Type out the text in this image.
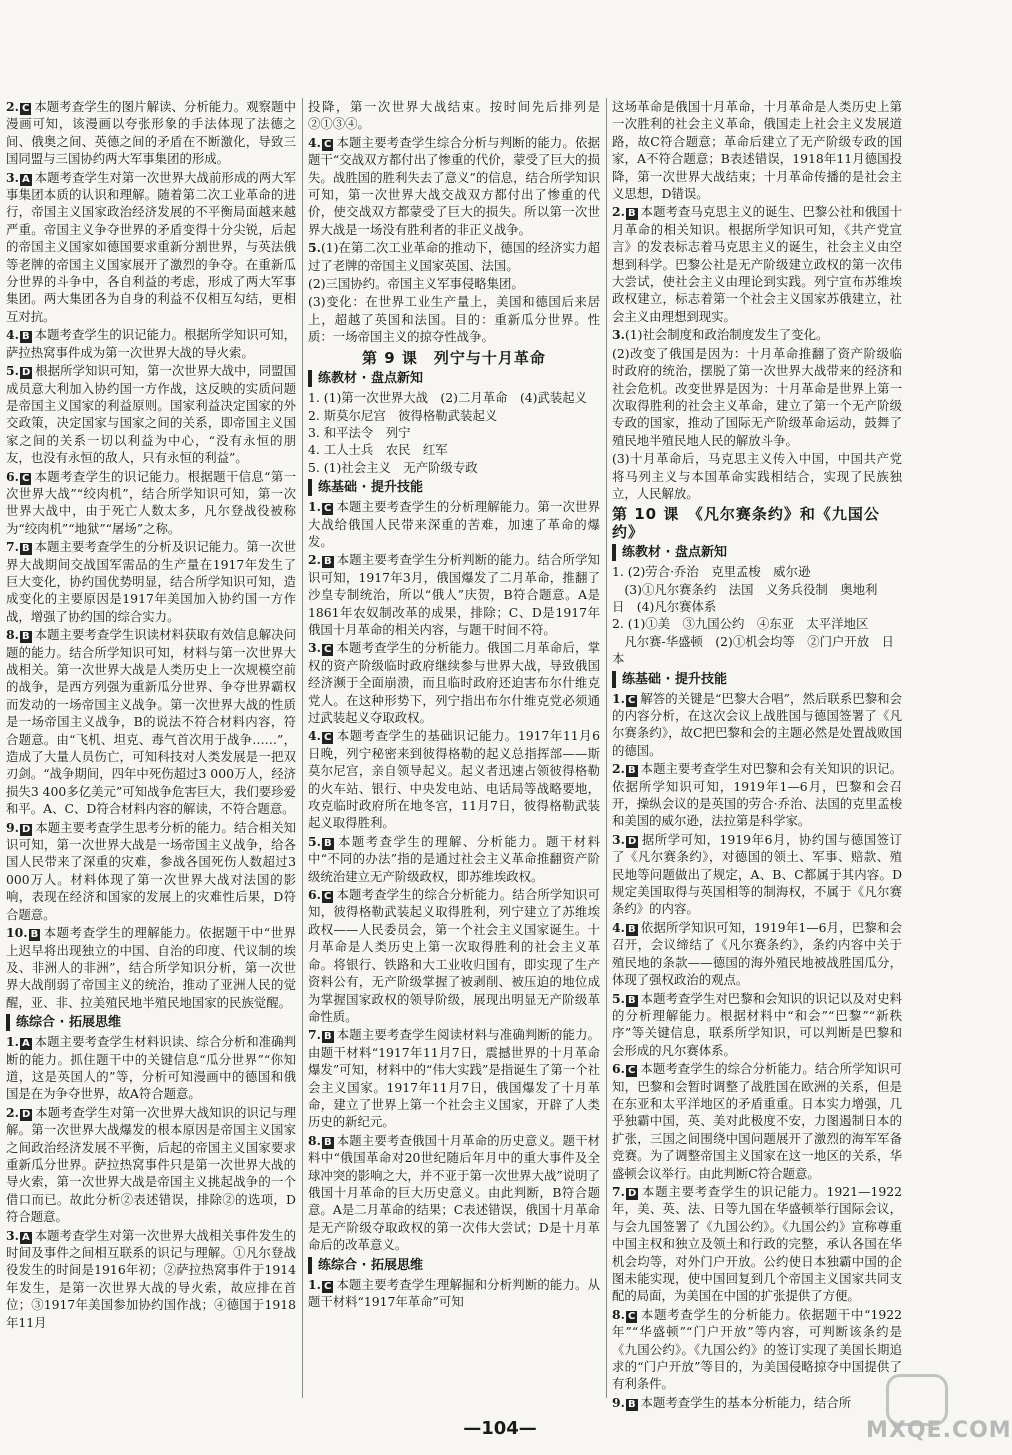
2. C 本题考查学生的图片解读、分析能力。观察题中漫画可知，该漫画以夸张形象的手法体现了法德之间、俄奥之间、英德之间的矛盾在不断激化，导致三国同盟与三国协约两大军事集团的形成。

3. A 本题考查学生对第一次世界大战前形成的两大军事集团本质的认识和理解。随着第二次工业革命的进行，帝国主义国家政治经济发展的不平衡局面越来越严重。帝国主义争夺世界的矛盾变得十分尖锐，后起的帝国主义国家如德国要求重新分割世界，与英法俄等老牌的帝国主义国家展开了激烈的争夺。在重新瓜分世界的斗争中，各自利益的考虑，形成了两大军事集团。两大集团各为自身的利益不仅相互勾结，更相互对抗。

4. B 本题考查学生的识记能力。根据所学知识可知，萨拉热窝事件成为第一次世界大战的导火索。

5. D 根据所学知识可知，第一次世界大战中，同盟国成员意大利加入协约国一方作战，这反映的实质问题是帝国主义国家的利益原则。国家利益决定国家的外交政策，决定国家与国家之间的关系，即帝国主义国家之间的关系一切以利益为中心，“没有永恒的朋友，也没有永恒的敌人，只有永恒的利益”。

6. C 本题考查学生的识记能力。根据题干信息“第一次世界大战”“绞肉机”，结合所学知识可知，第一次世界大战中，由于死亡人数太多，凡尔登战役被称为“绞肉机”“地狱”“屠场”之称。

7. B 本题主要考查学生的分析及识记能力。第一次世界大战期间交战国军需品的生产量在1917年发生了巨大变化，协约国优势明显，结合所学知识可知，造成变化的主要原因是1917年美国加入协约国一方作战，增强了协约国的综合实力。

8. B 本题主要考查学生识读材料获取有效信息解决问题的能力。结合所学知识可知，材料与第一次世界大战相关。第一次世界大战是人类历史上一次规模空前的战争，是西方列强为重新瓜分世界、争夺世界霸权而发动的一场帝国主义战争。第一次世界大战的性质是一场帝国主义战争，B的说法不符合材料内容，符合题意。由“飞机、坦克、毒气首次用于战争……”，造成了大量人员伤亡，可知科技对人类发展是一把双刃剑。“战争期间，四年中死伤超过3 000万人，经济损失3 400多亿美元”可知战争危害巨大，我们要珍爱和平。A、C、D符合材料内容的解读，不符合题意。

9. D 本题主要考查学生思考分析的能力。结合相关知识可知，第一次世界大战是一场帝国主义战争，给各国人民带来了深重的灾难，参战各国死伤人数超过3 000万人。材料体现了第一次世界大战对法国的影响，表现在经济和国家的发展上的灾难性后果，D符合题意。

10. B 本题考查学生的理解能力。依据题干中“世界上迟早将出现独立的中国、自治的印度、代议制的埃及、非洲人的非洲”，结合所学知识分析，第一次世界大战削弱了帝国主义的统治，推动了亚洲人民的觉醒，亚、非、拉美殖民地半殖民地国家的民族觉醒。

练综合 · 拓展思维

1. A 本题主要考查学生材料识读、综合分析和准确判断的能力。抓住题干中的关键信息“瓜分世界”“你知道，这是英国人的”等，分析可知漫画中的德国和俄国是在为争夺世界，故A符合题意。

2. D 本题考查学生对第一次世界大战知识的识记与理解。第一次世界大战爆发的根本原因是帝国主义国家之间政治经济发展不平衡，后起的帝国主义国家要求重新瓜分世界。萨拉热窝事件只是第一次世界大战的导火索，第一次世界大战是帝国主义挑起战争的一个借口而已。故此分析②表述错误，排除②的选项，D符合题意。

3. A 本题考查学生对第一次世界大战相关事件发生的时间及事件之间相互联系的识记与理解。①凡尔登战役发生的时间是1916年初；②萨拉热窝事件于1914年发生，是第一次世界大战的导火索，故应排在首位；③1917年美国参加协约国作战；④德国于1918年11月

投降，第一次世界大战结束。按时间先后排列是②①③④。

4. C 本题主要考查学生综合分析与判断的能力。依据题干“交战双方都付出了惨重的代价，蒙受了巨大的损失。战胜国的胜利失去了意义”的信息，结合所学知识可知，第一次世界大战交战双方都付出了惨重的代价，使交战双方都蒙受了巨大的损失。所以第一次世界大战是一场没有胜利者的非正义战争。

5.(1)在第二次工业革命的推动下，德国的经济实力超过了老牌的帝国主义国家英国、法国。

(2)三国协约。帝国主义军事侵略集团。

(3)变化：在世界工业生产量上，美国和德国后来居上，超越了英国和法国。目的：重新瓜分世界。性质：一场帝国主义的掠夺性战争。

第 9 课　列宁与十月革命
练教材 · 盘点新知
1. (1)第一次世界大战　(2)二月革命　(4)武装起义
2. 斯莫尔尼宫　彼得格勒武装起义
3. 和平法令　列宁
4. 工人士兵　农民　红军
5. (1)社会主义　无产阶级专政
练基础 · 提升技能

1. C 本题主要考查学生的分析理解能力。第一次世界大战给俄国人民带来深重的苦难，加速了革命的爆发。

2. B 本题主要考查学生分析判断的能力。结合所学知识可知，1917年3月，俄国爆发了二月革命，推翻了沙皇专制统治，所以“俄人”庆贺，B符合题意。A是1861年农奴制改革的成果，排除；C、D是1917年俄国十月革命的相关内容，与题干时间不符。

3. C 本题考查学生的分析能力。俄国二月革命后，掌权的资产阶级临时政府继续参与世界大战，导致俄国经济濒于全面崩溃，而且临时政府还迫害布尔什维克党人。在这种形势下，列宁指出布尔什维克党必须通过武装起义夺取政权。

4. C 本题考查学生的基础识记能力。1917年11月6日晚，列宁秘密来到彼得格勒的起义总指挥部——斯莫尔尼宫，亲自领导起义。起义者迅速占领彼得格勒的火车站、银行、中央发电站、电话局等战略要地，攻克临时政府所在地冬宫，11月7日，彼得格勒武装起义取得胜利。

5. B 本题考查学生的理解、分析能力。题干材料中“不同的办法”指的是通过社会主义革命推翻资产阶级统治建立无产阶级政权，即苏维埃政权。

6. C 本题考查学生的综合分析能力。结合所学知识可知，彼得格勒武装起义取得胜利，列宁建立了苏维埃政权——人民委员会，第一个社会主义国家诞生。十月革命是人类历史上第一次取得胜利的社会主义革命。将银行、铁路和大工业收归国有，即实现了生产资料公有，无产阶级掌握了被剥削、被压迫的地位成为掌握国家政权的领导阶级，展现出明显无产阶级革命性质。

7. B 本题主要考查学生阅读材料与准确判断的能力。由题干材料“1917年11月7日，震撼世界的十月革命爆发”可知，材料中的“伟大实践”是指诞生了第一个社会主义国家。1917年11月7日，俄国爆发了十月革命，建立了世界上第一个社会主义国家，开辟了人类历史的新纪元。

8. B 本题主要考查俄国十月革命的历史意义。题干材料中“俄国革命对20世纪随后年月中的重大事件及全球冲突的影响之大，并不亚于第一次世界大战”说明了俄国十月革命的巨大历史意义。由此判断，B符合题意。A是二月革命的结果；C表述错误，俄国十月革命是无产阶级夺取政权的第一次伟大尝试；D是十月革命后的改革意义。

练综合 · 拓展思维

1. C 本题主要考查学生理解掘和分析判断的能力。从题干材料“1917年革命”可知

这场革命是俄国十月革命，十月革命是人类历史上第一次胜利的社会主义革命，俄国走上社会主义发展道路，故C符合题意；革命后建立了无产阶级专政的国家，A不符合题意；B表述错误，1918年11月德国投降，第一次世界大战结束；十月革命传播的是社会主义思想，D错误。

2. B 本题考查马克思主义的诞生、巴黎公社和俄国十月革命的相关知识。根据所学知识可知，《共产党宣言》的发表标志着马克思主义的诞生，社会主义由空想到科学。巴黎公社是无产阶级建立政权的第一次伟大尝试，使社会主义由理论到实践。列宁宣布苏维埃政权建立，标志着第一个社会主义国家苏俄建立，社会主义由理想到现实。

3.(1)社会制度和政治制度发生了变化。

(2)改变了俄国是因为：十月革命推翻了资产阶级临时政府的统治，摆脱了第一次世界大战带来的经济和社会危机。改变世界是因为：十月革命是世界上第一次取得胜利的社会主义革命，建立了第一个无产阶级专政的国家，推动了国际无产阶级革命运动，鼓舞了殖民地半殖民地人民的解放斗争。

(3)十月革命后，马克思主义传入中国，中国共产党将马列主义与本国革命实践相结合，实现了民族独立，人民解放。

第 10 课　《凡尔赛条约》和《九国公约》
练教材 · 盘点新知
1. (2)劳合·乔治　克里孟梭　威尔逊
　(3)①凡尔赛条约　法国　义务兵役制　奥地利　日　(4)凡尔赛体系
2. (1)①美　③九国公约　④东亚　太平洋地区
　凡尔赛-华盛顿　(2)①机会均等　②门户开放　日本
练基础 · 提升技能

1. C 解答的关键是“巴黎大合唱”，然后联系巴黎和会的内容分析，在这次会议上战胜国与德国签署了《凡尔赛条约》，故C把巴黎和会的主题必然是处置战败国的德国。

2. B 本题主要考查学生对巴黎和会有关知识的识记。依据所学知识可知，1919年1—6月，巴黎和会召开，操纵会议的是英国的劳合·乔治、法国的克里孟梭和美国的威尔逊，法拉第是科学家。

3. D 据所学可知，1919年6月，协约国与德国签订了《凡尔赛条约》，对德国的领土、军事、赔款、殖民地等问题做出了规定，A、B、C都属于其内容。D规定美国取得与英国相等的制海权，不属于《凡尔赛条约》的内容。

4. B 依据所学知识可知，1919年1—6月，巴黎和会召开，会议缔结了《凡尔赛条约》，条约内容中关于殖民地的条款——德国的海外殖民地被战胜国瓜分，体现了强权政治的观点。

5. B 本题考查学生对巴黎和会知识的识记以及对史料的分析理解能力。根据材料中“和会”“巴黎”“新秩序”等关键信息，联系所学知识，可以判断是巴黎和会形成的凡尔赛体系。

6. C 本题考查学生的综合分析能力。结合所学知识可知，巴黎和会暂时调整了战胜国在欧洲的关系，但是在东亚和太平洋地区的矛盾重重。日本实力增强，几乎独霸中国，英、美对此极度不安，力图遏制日本的扩张，三国之间围绕中国问题展开了激烈的海军军备竞赛。为了调整帝国主义国家在这一地区的关系，华盛顿会议举行。由此判断C符合题意。

7. D 本题主要考查学生的识记能力。1921—1922年，美、英、法、日等九国在华盛顿举行国际会议，与会九国签署了《九国公约》。《九国公约》宣称尊重中国主权和独立及领土和行政的完整，承认各国在华机会均等，对外门户开放。公约使日本独霸中国的企图未能实现，使中国回复到几个帝国主义国家共同支配的局面，为美国在中国的扩张提供了方便。

8. C 本题考查学生的分析能力。依据题干中“1922年”“华盛顿”“门户开放”等内容，可判断该条约是《九国公约》。《九国公约》的签订实现了美国长期追求的“门户开放”等目的，为美国侵略掠夺中国提供了有利条件。

9. B 本题考查学生的基本分析能力，结合所

—104—	MXQE.COM
